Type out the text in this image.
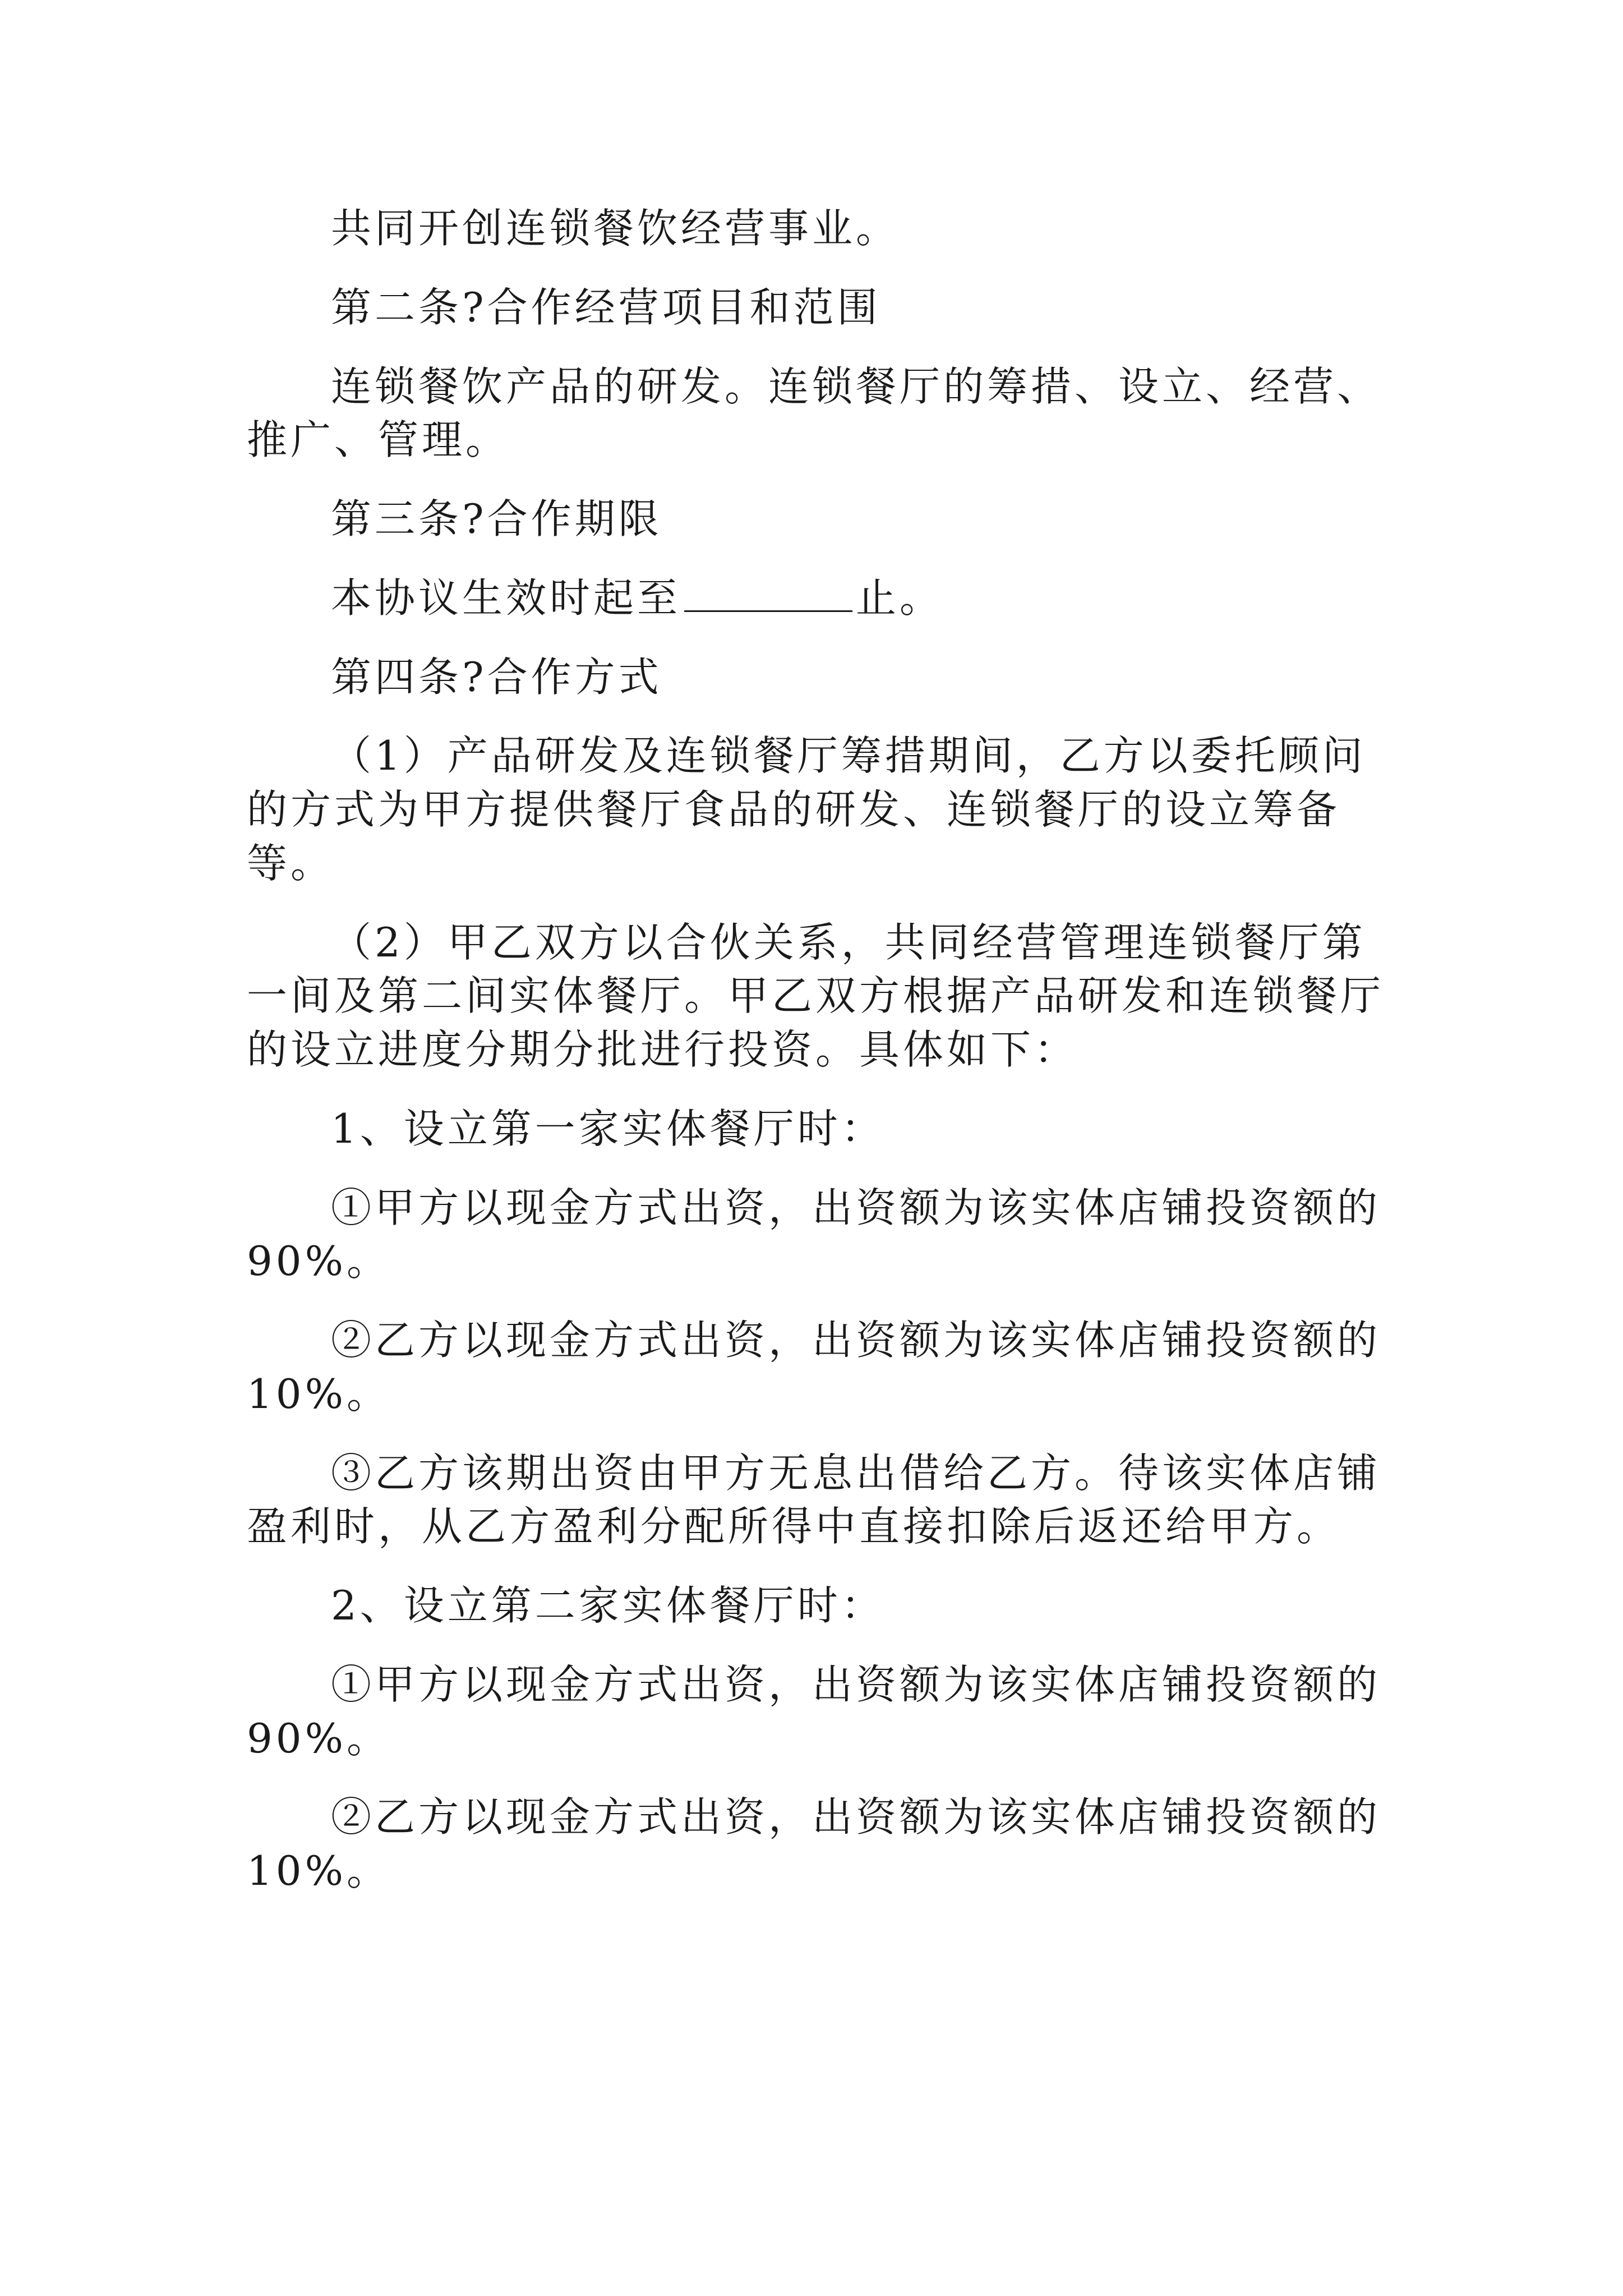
共同开创连锁餐饮经营事业。

第二条?合作经营项目和范围

连锁餐饮产品的研发。连锁餐厅的筹措、设立、经营、推广、管理。

第三条?合作期限

本协议生效时起至	止。

第四条?合作方式

（1）产品研发及连锁餐厅筹措期间，乙方以委托顾问的方式为甲方提供餐厅食品的研发、连锁餐厅的设立筹备等。

（2）甲乙双方以合伙关系，共同经营管理连锁餐厅第一间及第二间实体餐厅。甲乙双方根据产品研发和连锁餐厅的设立进度分期分批进行投资。具体如下：

1、设立第一家实体餐厅时：

①甲方以现金方式出资，出资额为该实体店铺投资额的90%。

②乙方以现金方式出资，出资额为该实体店铺投资额的10%。

③乙方该期出资由甲方无息出借给乙方。待该实体店铺盈利时，从乙方盈利分配所得中直接扣除后返还给甲方。

2、设立第二家实体餐厅时：

①甲方以现金方式出资，出资额为该实体店铺投资额的90%。

②乙方以现金方式出资，出资额为该实体店铺投资额的10%。
